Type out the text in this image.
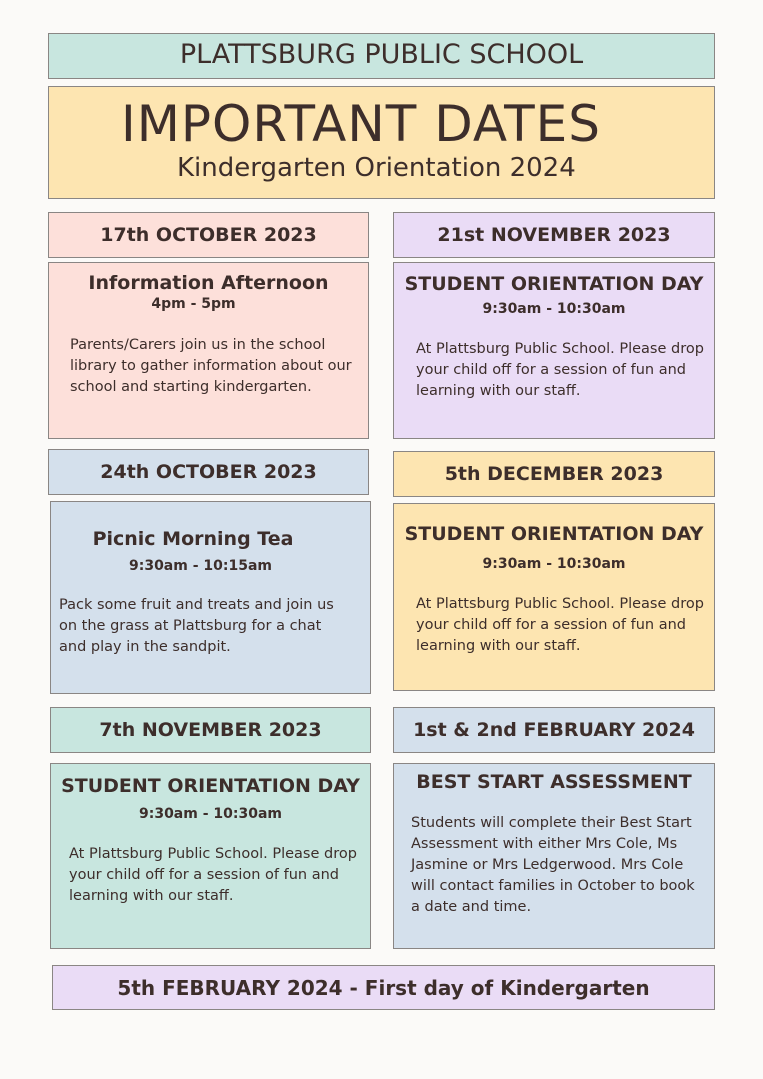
PLATTSBURG PUBLIC SCHOOL
IMPORTANT DATES
Kindergarten Orientation 2024
17th OCTOBER 2023
Information Afternoon
4pm - 5pm
Parents/Carers join us in the school library to gather information about our school and starting kindergarten.
21st NOVEMBER 2023
STUDENT ORIENTATION DAY
9:30am - 10:30am
At Plattsburg Public School. Please drop your child off for a session of fun and learning with our staff.
24th OCTOBER 2023
Picnic Morning Tea
9:30am - 10:15am
Pack some fruit and treats and join us on the grass at Plattsburg for a chat and play in the sandpit.
5th DECEMBER 2023
STUDENT ORIENTATION DAY
9:30am - 10:30am
At Plattsburg Public School. Please drop your child off for a session of fun and learning with our staff.
7th NOVEMBER 2023
STUDENT ORIENTATION DAY
9:30am - 10:30am
At Plattsburg Public School. Please drop your child off for a session of fun and learning with our staff.
1st & 2nd FEBRUARY 2024
BEST START ASSESSMENT
Students will complete their Best Start Assessment with either Mrs Cole, Ms Jasmine or Mrs Ledgerwood. Mrs Cole will contact families in October to book a date and time.
5th FEBRUARY 2024 - First day of Kindergarten
